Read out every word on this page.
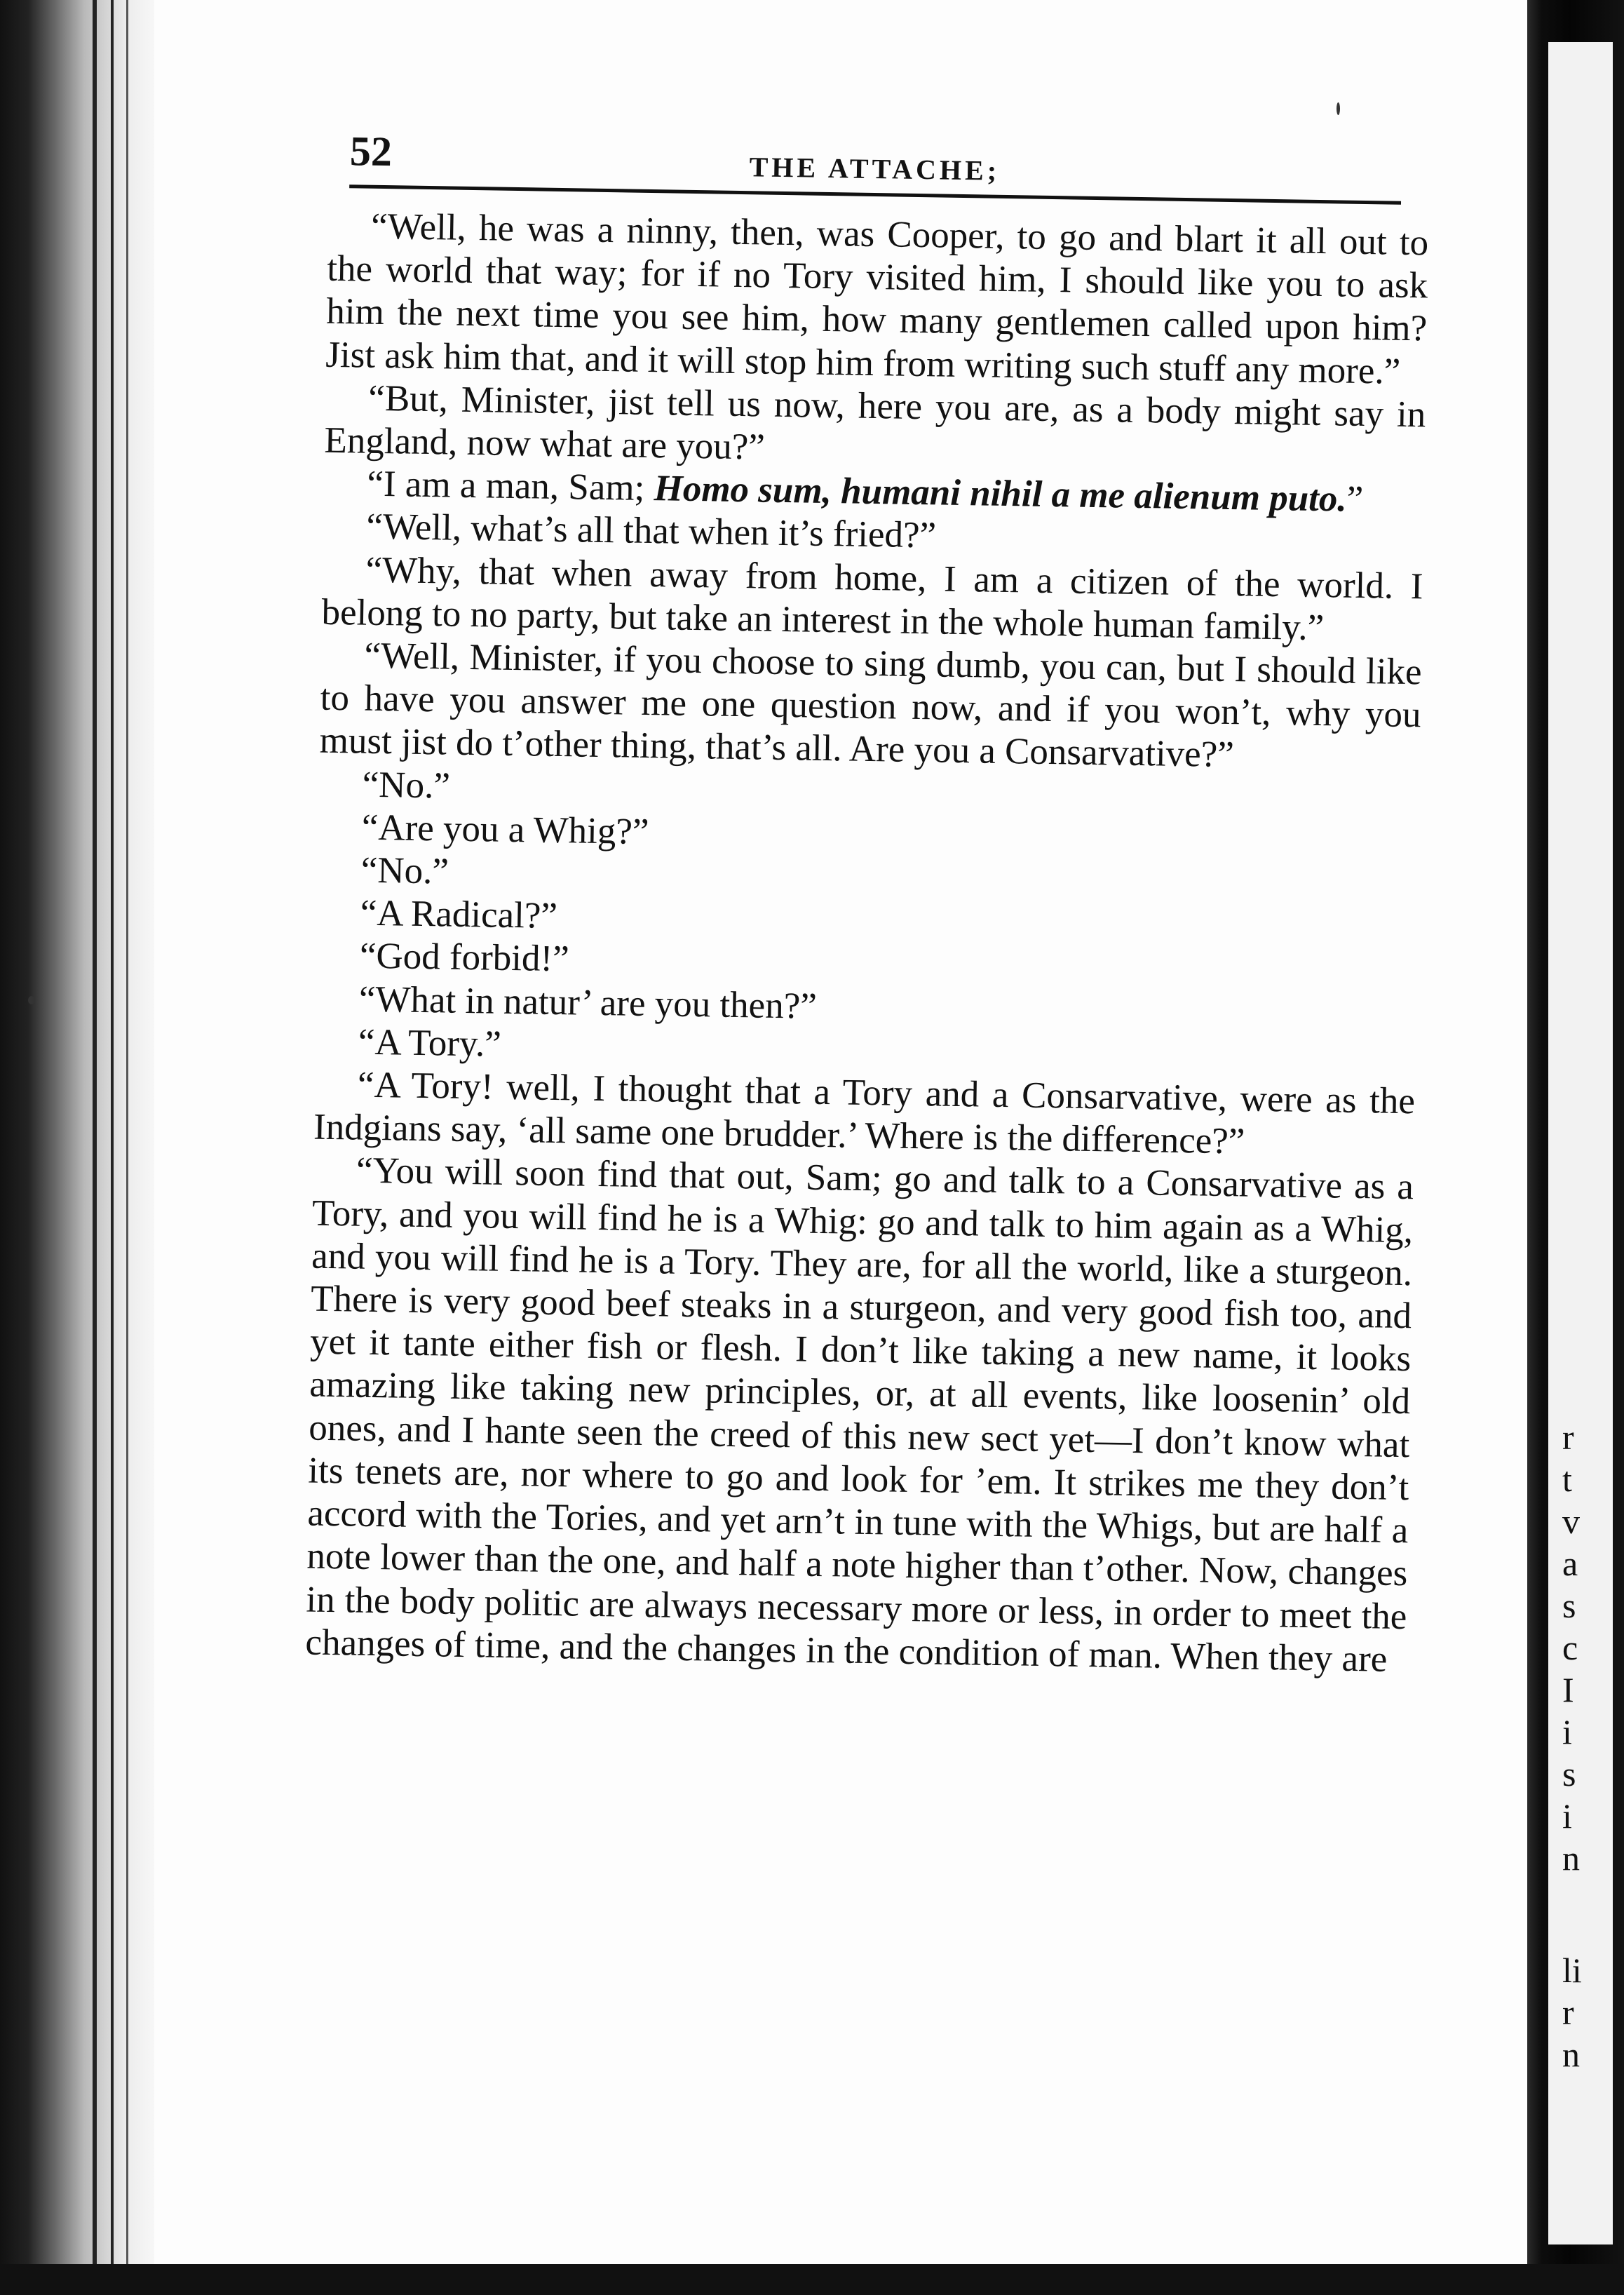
r
t
v
a
s
c
I
i
s
i
n
li
r
n
52	THE ATTACHE;

“Well, he was a ninny, then, was Cooper, to go and blart it all out to the world that way; for if no Tory visited him, I should like you to ask him the next time you see him, how many gentlemen called upon him? Jist ask him that, and it will stop him from writing such stuff any more.”

“But, Minister, jist tell us now, here you are, as a body might say in England, now what are you?”

“I am a man, Sam; Homo sum, humani nihil a me alienum puto.”

“Well, what’s all that when it’s fried?”

“Why, that when away from home, I am a citizen of the world. I belong to no party, but take an interest in the whole human family.”

“Well, Minister, if you choose to sing dumb, you can, but I should like to have you answer me one question now, and if you won’t, why you must jist do t’other thing, that’s all. Are you a Consarvative?”

“No.”

“Are you a Whig?”

“No.”

“A Radical?”

“God forbid!”

“What in natur’ are you then?”

“A Tory.”

“A Tory! well, I thought that a Tory and a Consarvative, were as the Indgians say, ‘all same one brudder.’ Where is the difference?”

“You will soon find that out, Sam; go and talk to a Consarvative as a Tory, and you will find he is a Whig: go and talk to him again as a Whig, and you will find he is a Tory. They are, for all the world, like a sturgeon. There is very good beef steaks in a sturgeon, and very good fish too, and yet it tante either fish or flesh. I don’t like taking a new name, it looks amazing like taking new principles, or, at all events, like loosenin’ old ones, and I hante seen the creed of this new sect yet—I don’t know what its tenets are, nor where to go and look for ’em. It strikes me they don’t accord with the Tories, and yet arn’t in tune with the Whigs, but are half a note lower than the one, and half a note higher than t’other. Now, changes in the body politic are always necessary more or less, in order to meet the changes of time, and the changes in the condition of man. When they are
